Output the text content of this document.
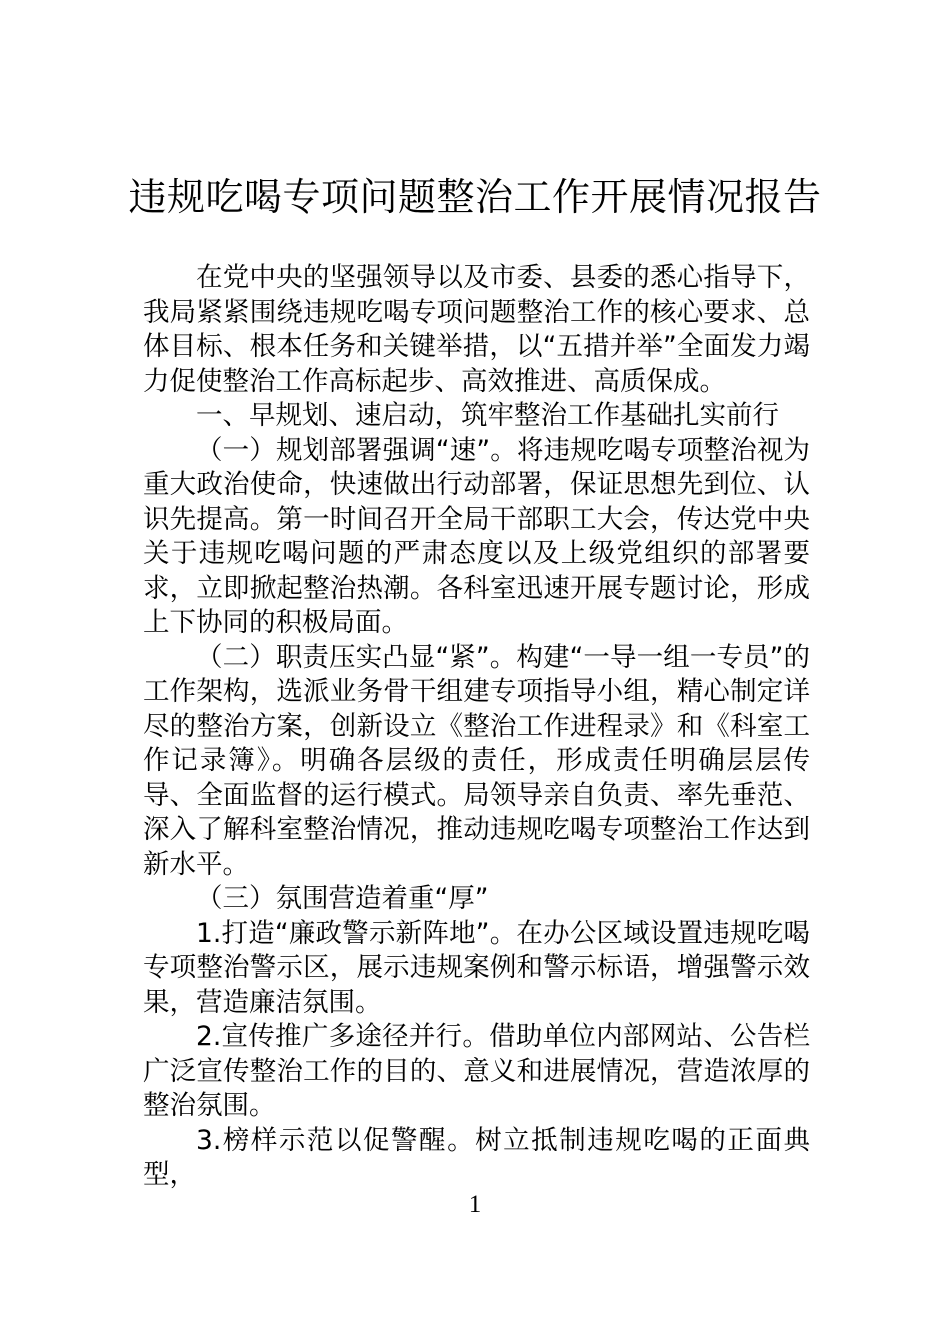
违规吃喝专项问题整治工作开展情况报告

在党中央的坚强领导以及市委、县委的悉心指导下，我局紧紧围绕违规吃喝专项问题整治工作的核心要求、总体目标、根本任务和关键举措，以“五措并举”全面发力竭力促使整治工作高标起步、高效推进、高质保成。

一、早规划、速启动，筑牢整治工作基础扎实前行

（一）规划部署强调“速”。将违规吃喝专项整治视为重大政治使命，快速做出行动部署，保证思想先到位、认识先提高。第一时间召开全局干部职工大会，传达党中央关于违规吃喝问题的严肃态度以及上级党组织的部署要求，立即掀起整治热潮。各科室迅速开展专题讨论，形成上下协同的积极局面。

（二）职责压实凸显“紧”。构建“一导一组一专员”的工作架构，选派业务骨干组建专项指导小组，精心制定详尽的整治方案，创新设立《整治工作进程录》和《科室工作记录簿》。明确各层级的责任，形成责任明确层层传导、全面监督的运行模式。局领导亲自负责、率先垂范、深入了解科室整治情况，推动违规吃喝专项整治工作达到新水平。

（三）氛围营造着重“厚”

1.打造“廉政警示新阵地”。在办公区域设置违规吃喝专项整治警示区，展示违规案例和警示标语，增强警示效果，营造廉洁氛围。

2.宣传推广多途径并行。借助单位内部网站、公告栏广泛宣传整治工作的目的、意义和进展情况，营造浓厚的整治氛围。

3.榜样示范以促警醒。树立抵制违规吃喝的正面典型，

1
